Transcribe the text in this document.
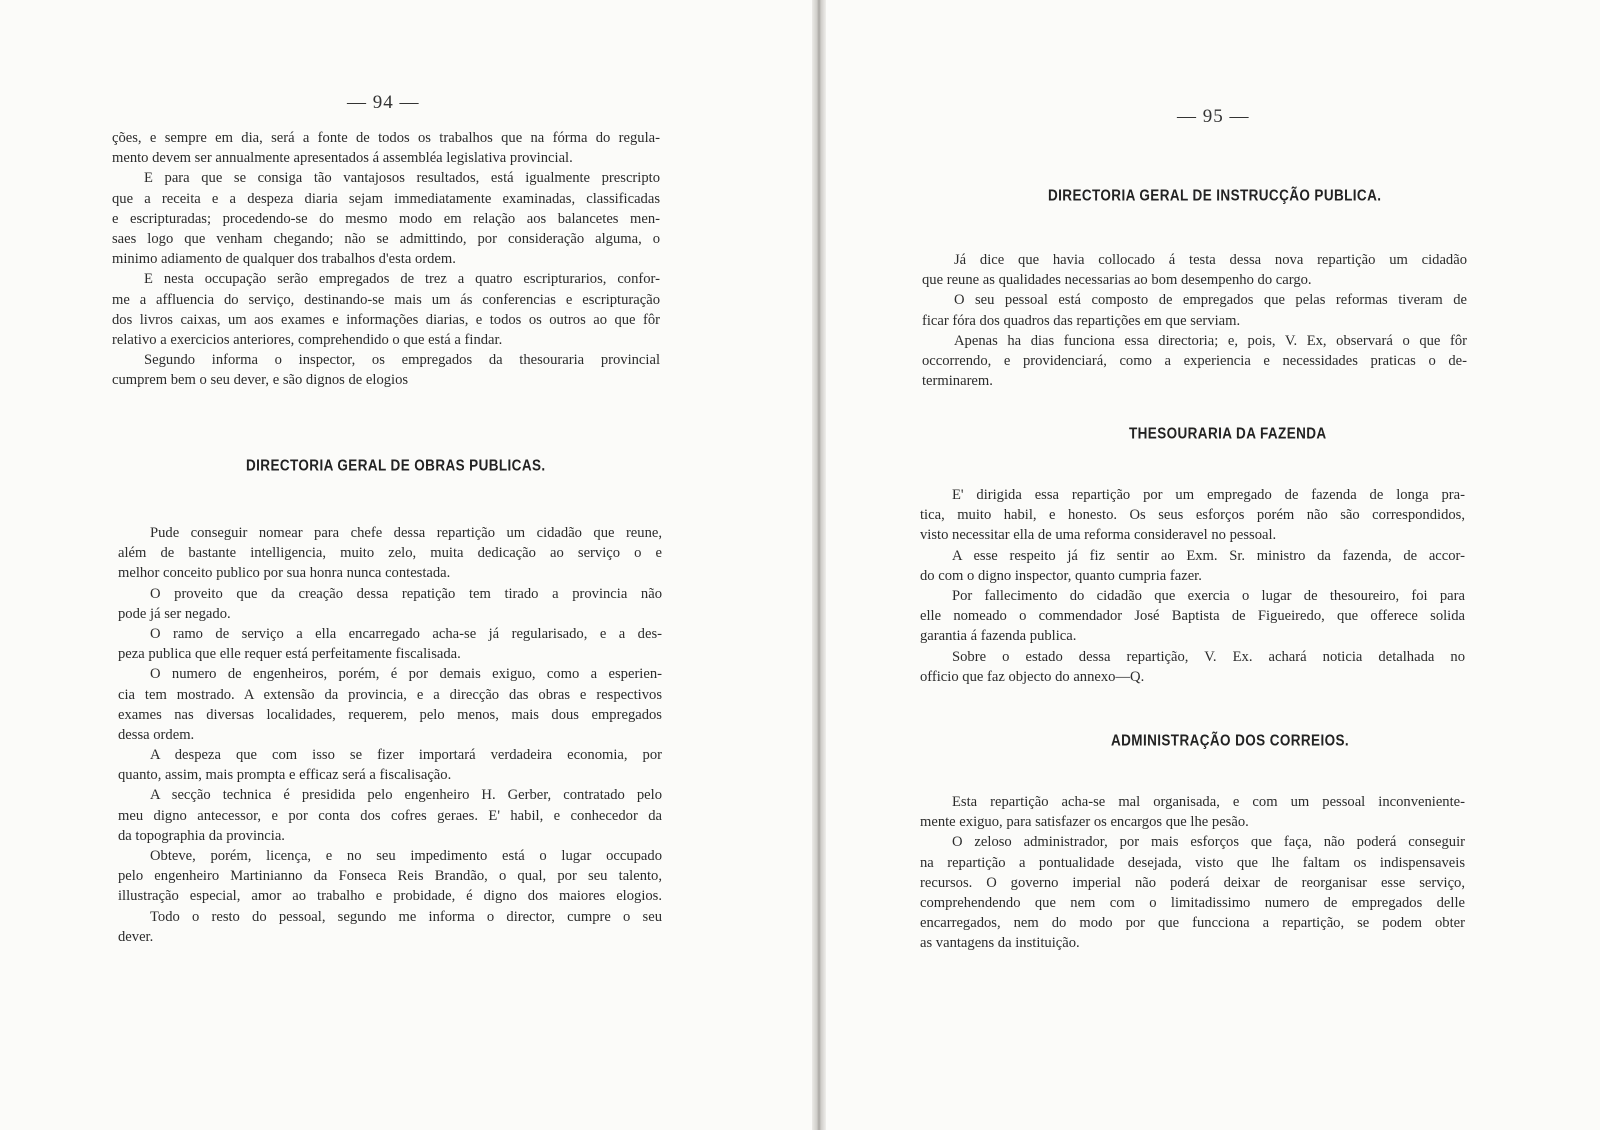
— 94 —

ções, e sempre em dia, será a fonte de todos os trabalhos que na fórma do regula-

mento devem ser annualmente apresentados á assembléa legislativa provincial.

E para que se consiga tão vantajosos resultados, está igualmente prescripto

que a receita e a despeza diaria sejam immediatamente examinadas, classificadas

e escripturadas; procedendo-se do mesmo modo em relação aos balancetes men-

saes logo que venham chegando; não se admittindo, por consideração alguma, o

minimo adiamento de qualquer dos trabalhos d'esta ordem.

E nesta occupação serão empregados de trez a quatro escripturarios, confor-

me a affluencia do serviço, destinando-se mais um ás conferencias e escripturação

dos livros caixas, um aos exames e informações diarias, e todos os outros ao que fôr

relativo a exercicios anteriores, comprehendido o que está a findar.

Segundo informa o inspector, os empregados da thesouraria provincial

cumprem bem o seu dever, e são dignos de elogios

DIRECTORIA GERAL DE OBRAS PUBLICAS.

Pude conseguir nomear para chefe dessa repartição um cidadão que reune,

além de bastante intelligencia, muito zelo, muita dedicação ao serviço o e

melhor conceito publico por sua honra nunca contestada.

O proveito que da creação dessa repatição tem tirado a provincia não

pode já ser negado.

O ramo de serviço a ella encarregado acha-se já regularisado, e a des-

peza publica que elle requer está perfeitamente fiscalisada.

O numero de engenheiros, porém, é por demais exiguo, como a esperien-

cia tem mostrado. A extensão da provincia, e a direcção das obras e respectivos

exames nas diversas localidades, requerem, pelo menos, mais dous empregados

dessa ordem.

A despeza que com isso se fizer importará verdadeira economia, por

quanto, assim, mais prompta e efficaz será a fiscalisação.

A secção technica é presidida pelo engenheiro H. Gerber, contratado pelo

meu digno antecessor, e por conta dos cofres geraes. E' habil, e conhecedor da

da topographia da provincia.

Obteve, porém, licença, e no seu impedimento está o lugar occupado

pelo engenheiro Martinianno da Fonseca Reis Brandão, o qual, por seu talento,

illustração especial, amor ao trabalho e probidade, é digno dos maiores elogios.

Todo o resto do pessoal, segundo me informa o director, cumpre o seu

dever.

— 95 —
DIRECTORIA GERAL DE INSTRUCÇÃO PUBLICA.

Já dice que havia collocado á testa dessa nova repartição um cidadão

que reune as qualidades necessarias ao bom desempenho do cargo.

O seu pessoal está composto de empregados que pelas reformas tiveram de

ficar fóra dos quadros das repartições em que serviam.

Apenas ha dias funciona essa directoria; e, pois, V. Ex, observará o que fôr

occorrendo, e providenciará, como a experiencia e necessidades praticas o de-

terminarem.

THESOURARIA DA FAZENDA

E' dirigida essa repartição por um empregado de fazenda de longa pra-

tica, muito habil, e honesto. Os seus esforços porém não são correspondidos,

visto necessitar ella de uma reforma consideravel no pessoal.

A esse respeito já fiz sentir ao Exm. Sr. ministro da fazenda, de accor-

do com o digno inspector, quanto cumpria fazer.

Por fallecimento do cidadão que exercia o lugar de thesoureiro, foi para

elle nomeado o commendador José Baptista de Figueiredo, que offerece solida

garantia á fazenda publica.

Sobre o estado dessa repartição, V. Ex. achará noticia detalhada no

officio que faz objecto do annexo—Q.

ADMINISTRAÇÃO DOS CORREIOS.

Esta repartição acha-se mal organisada, e com um pessoal inconveniente-

mente exiguo, para satisfazer os encargos que lhe pesão.

O zeloso administrador, por mais esforços que faça, não poderá conseguir

na repartição a pontualidade desejada, visto que lhe faltam os indispensaveis

recursos. O governo imperial não poderá deixar de reorganisar esse serviço,

comprehendendo que nem com o limitadissimo numero de empregados delle

encarregados, nem do modo por que funcciona a repartição, se podem obter

as vantagens da instituição.
